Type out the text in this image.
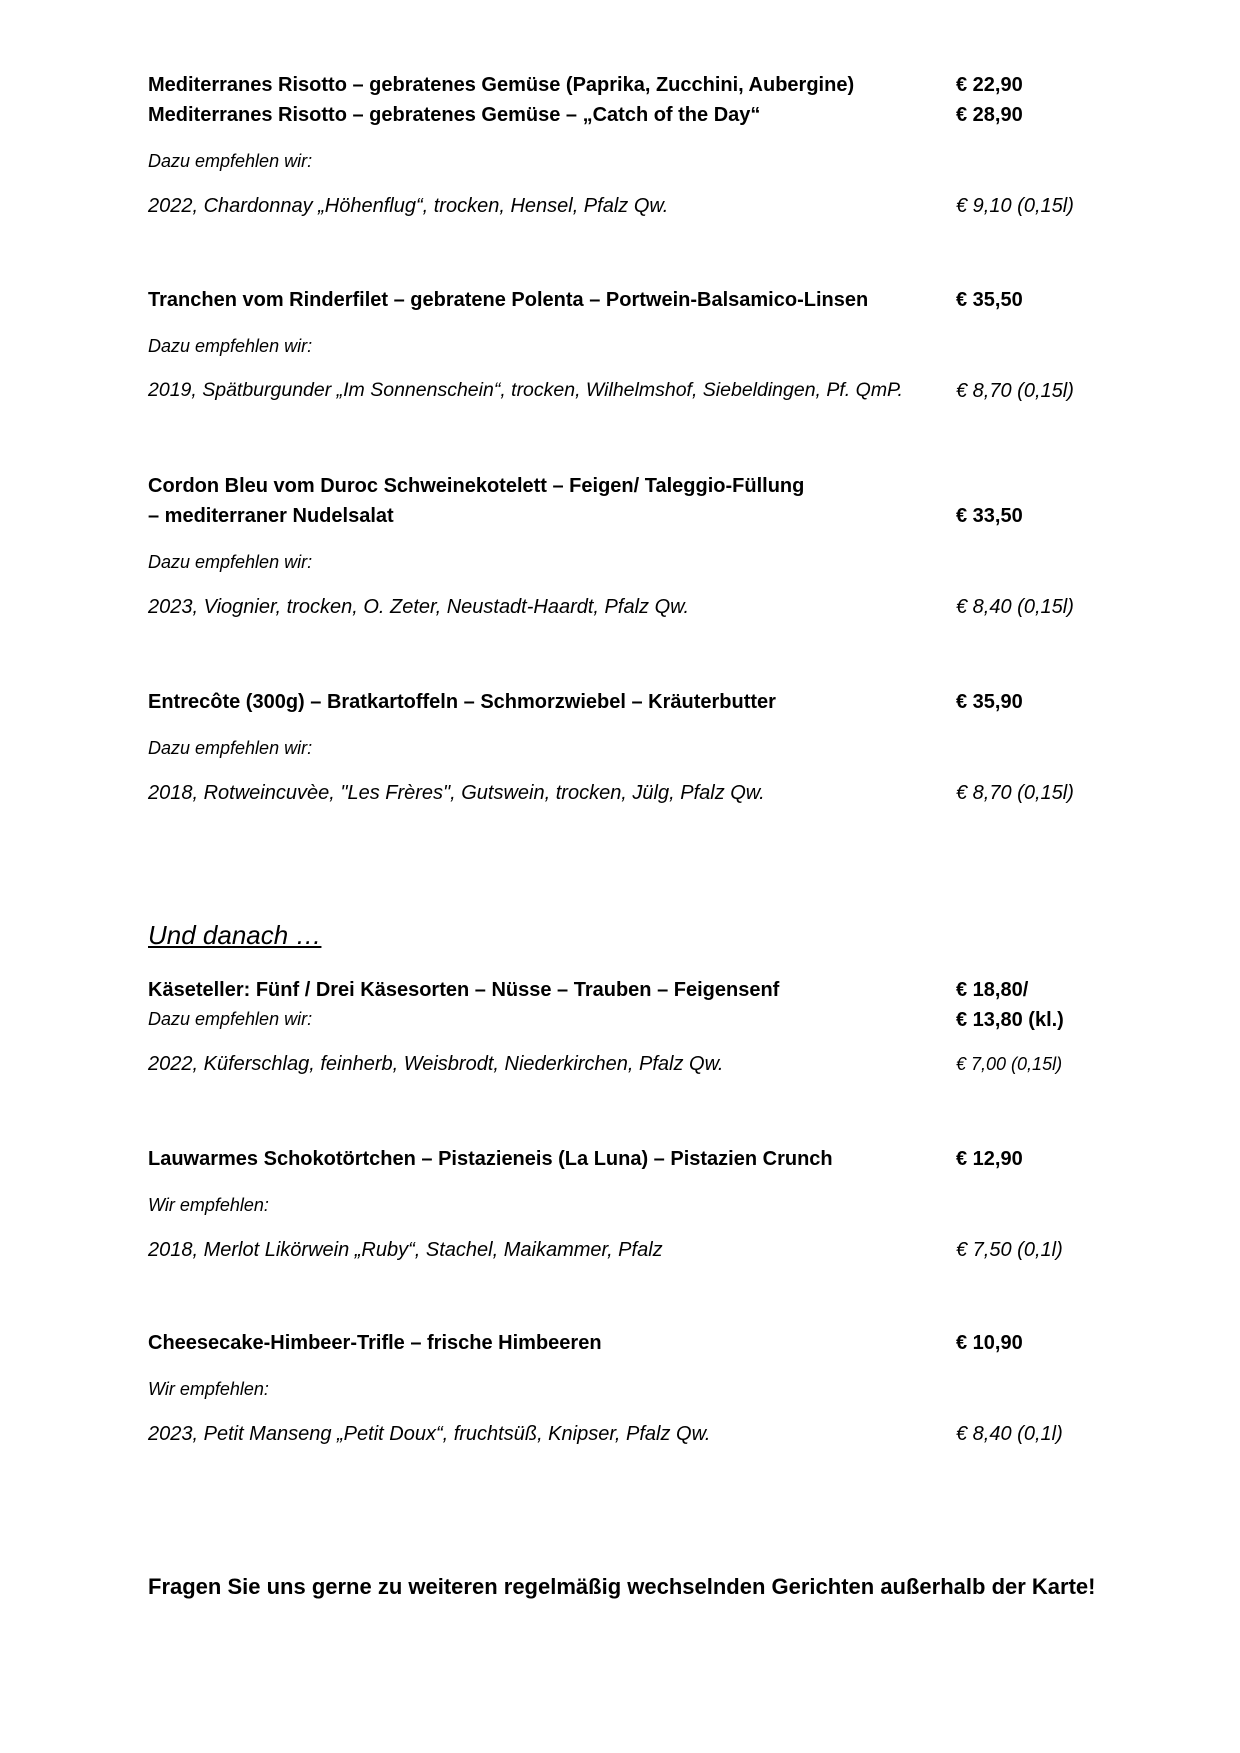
Mediterranes Risotto – gebratenes Gemüse (Paprika, Zucchini, Aubergine)	€ 22,90
Mediterranes Risotto – gebratenes Gemüse – „Catch of the Day“	€ 28,90
Dazu empfehlen wir:
2022, Chardonnay „Höhenflug“, trocken, Hensel, Pfalz Qw.	€ 9,10 (0,15l)
Tranchen vom Rinderfilet – gebratene Polenta – Portwein-Balsamico-Linsen	€ 35,50
Dazu empfehlen wir:
2019, Spätburgunder „Im Sonnenschein“, trocken, Wilhelmshof, Siebeldingen, Pf. QmP.	€ 8,70 (0,15l)
Cordon Bleu vom Duroc Schweinekotelett – Feigen/ Taleggio-Füllung
– mediterraner Nudelsalat	€ 33,50
Dazu empfehlen wir:
2023, Viognier, trocken, O. Zeter, Neustadt-Haardt, Pfalz Qw.	€ 8,40 (0,15l)
Entrecôte (300g) – Bratkartoffeln – Schmorzwiebel – Kräuterbutter	€ 35,90
Dazu empfehlen wir:
2018, Rotweincuvèe, "Les Frères", Gutswein, trocken, Jülg, Pfalz Qw.	€ 8,70 (0,15l)
Und danach …
Käseteller: Fünf / Drei Käsesorten – Nüsse – Trauben – Feigensenf	€ 18,80/
Dazu empfehlen wir:	€ 13,80 (kl.)
2022, Küferschlag, feinherb, Weisbrodt, Niederkirchen, Pfalz Qw.	€ 7,00 (0,15l)
Lauwarmes Schokotörtchen – Pistazieneis (La Luna) – Pistazien Crunch	€ 12,90
Wir empfehlen:
2018, Merlot Likörwein „Ruby“, Stachel, Maikammer, Pfalz	€ 7,50 (0,1l)
Cheesecake-Himbeer-Trifle – frische Himbeeren	€ 10,90
Wir empfehlen:
2023, Petit Manseng „Petit Doux“, fruchtsüß, Knipser, Pfalz Qw.	€ 8,40 (0,1l)
Fragen Sie uns gerne zu weiteren regelmäßig wechselnden Gerichten außerhalb der Karte!
